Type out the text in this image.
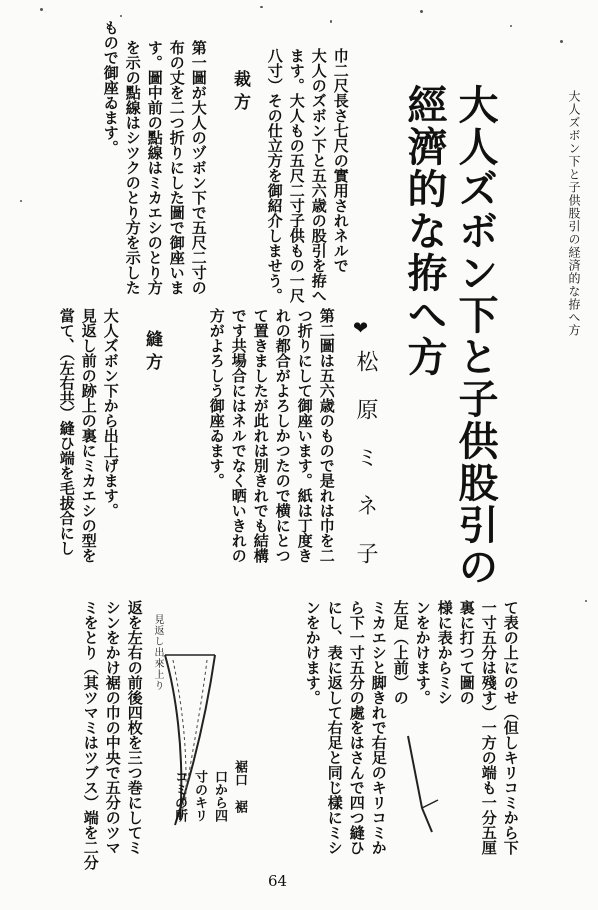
大人ズボン下と子供股引の経済的な拵へ方
大人ズボン下と子供股引の
經濟的な拵へ方
❤
松原ミネ子
巾二尺長さ七尺の實用されネルで
大人のズボン下と五六歳の股引を拵へ
ます。大人もの五尺二寸子供もの一尺
八寸）その仕立方を御紹介しませう。
裁方
第一圖が大人のヅボン下で五尺二寸の
布の丈を二つ折りにした圖で御座いま
す。圖中前の點線はミカエシのとり方
を示の點線はシツクのとり方を示した
もので御座ゐます。
第二圖は五六歳のもので是れは巾を二
つ折りにして御座います。紙は丁度き
れの都合がよろしかつたので横にとつ
て置きましたが此れは別きれでも結構
です共場合にはネルでなく晒いきれの
方がよろしう御座ゐます。
縫方
大人ズボン下から出上げます。
見返し前の跡上の裏にミカエシの型を
當て、（左右共）縫ひ端を毛拔合にし
て表の上にのせ（但しキリコミから下
一寸五分は殘す）一方の端も一分五厘
裏に打つて圖の
様に表からミシ
ンをかけます。
左足（上前）の
ミカエシと脚きれで右足のキリコミか
ら下一寸五分の處をはさんで四つ縫ひ
にし、表に返して右足と同じ樣にミシ
ンをかけます。
返を左右の前後四枚を三つ巻にしてミ
シンをかけ裾の巾の中央で五分のツマ
ミをとり（其ツマミはツブス）端を二分	見返し出來上り
裾口
裾
口から四
寸のキリ
コミの所
64
